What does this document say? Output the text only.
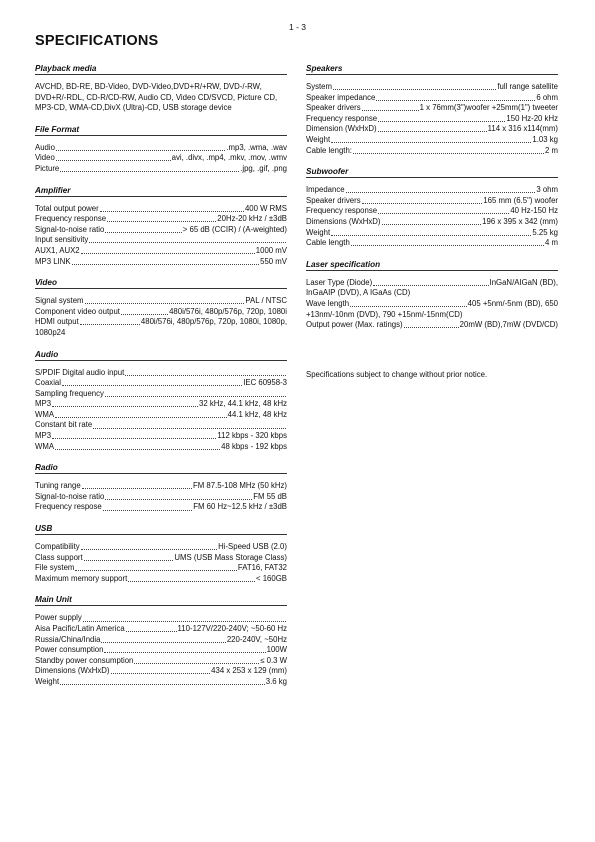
1 - 3
SPECIFICATIONS
Playback media
AVCHD, BD-RE, BD-Video, DVD-Video,DVD+R/+RW, DVD-/-RW, DVD+R/-RDL, CD-R/CD-RW, Audio CD, Video CD/SVCD, Picture CD, MP3-CD, WMA-CD,DivX (Ultra)-CD, USB storage device
File Format
Audio	.mp3, .wma, .wav
Video	avi, .divx, .mp4, .mkv, .mov, .wmv
Picture	.jpg, .gif, .png
Amplifier
Total output power	400 W RMS
Frequency response	20Hz-20 kHz / ±3dB
Signal-to-noise ratio	> 65 dB (CCIR) / (A-weighted)
Input sensitivity
AUX1, AUX2	1000 mV
MP3 LINK	550 mV
Video
Signal system	PAL / NTSC
Component video output	480i/576i, 480p/576p, 720p, 1080i
HDMI output	480i/576i, 480p/576p, 720p, 1080i, 1080p,
1080p24
Audio
S/PDIF Digital audio input
Coaxial	IEC 60958-3
Sampling frequency
MP3	32 kHz, 44.1 kHz, 48 kHz
WMA	44.1 kHz, 48 kHz
Constant bit rate
MP3	112 kbps - 320 kbps
WMA	48 kbps - 192 kbps
Radio
Tuning range	FM 87.5-108 MHz (50 kHz)
Signal-to-noise ratio	FM 55 dB
Frequency respose	FM 60 Hz~12.5 kHz / ±3dB
USB
Compatibility	Hi-Speed USB (2.0)
Class support	UMS (USB Mass Storage Class)
File system	FAT16, FAT32
Maximum memory support	< 160GB
Main Unit
Power supply
Aisa Pacific/Latin America	110-127V/220-240V; ~50-60 Hz
Russia/China/India	220-240V, ~50Hz
Power consumption	100W
Standby power consumption	≤ 0.3 W
Dimensions (WxHxD)	434 x 253 x 129 (mm)
Weight	3.6 kg
Speakers
System	full range satellite
Speaker impedance	6 ohm
Speaker drivers	1 x 76mm(3")woofer +25mm(1") tweeter
Frequency response	150 Hz-20 kHz
Dimension (WxHxD)	114 x 316 x114(mm)
Weight	1.03 kg
Cable length:	2 m
Subwoofer
Impedance	3 ohm
Speaker drivers	165 mm (6.5") woofer
Frequency response	40 Hz-150 Hz
Dimensions (WxHxD)	196 x 395 x 342 (mm)
Weight	5.25 kg
Cable length	4 m
Laser specification
Laser Type (Diode)	InGaN/AIGaN (BD),
InGaAIP (DVD), A IGaAs (CD)
Wave length	405 +5nm/-5nm (BD), 650
+13nm/-10nm (DVD), 790 +15nm/-15nm(CD)
Output power (Max. ratings)	20mW (BD),7mW (DVD/CD)
Specifications subject to change without prior notice.
